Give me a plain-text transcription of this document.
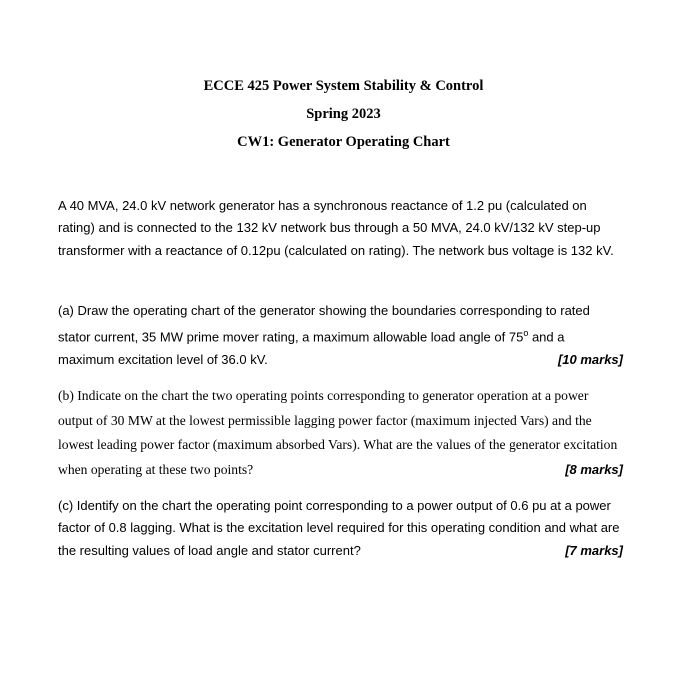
ECCE 425 Power System Stability & Control
Spring 2023
CW1: Generator Operating Chart
A 40 MVA, 24.0 kV network generator has a synchronous reactance of 1.2 pu (calculated on rating) and is connected to the 132 kV network bus through a 50 MVA, 24.0 kV/132 kV step-up transformer with a reactance of 0.12pu (calculated on rating). The network bus voltage is 132 kV.
(a) Draw the operating chart of the generator showing the boundaries corresponding to rated stator current, 35 MW prime mover rating, a maximum allowable load angle of 75$^o$ and a maximum excitation level of 36.0 kV.	[10 marks]
(b) Indicate on the chart the two operating points corresponding to generator operation at a power output of 30 MW at the lowest permissible lagging power factor (maximum injected Vars) and the lowest leading power factor (maximum absorbed Vars). What are the values of the generator excitation when operating at these two points?	[8 marks]
(c) Identify on the chart the operating point corresponding to a power output of 0.6 pu at a power factor of 0.8 lagging. What is the excitation level required for this operating condition and what are the resulting values of load angle and stator current?	[7 marks]
